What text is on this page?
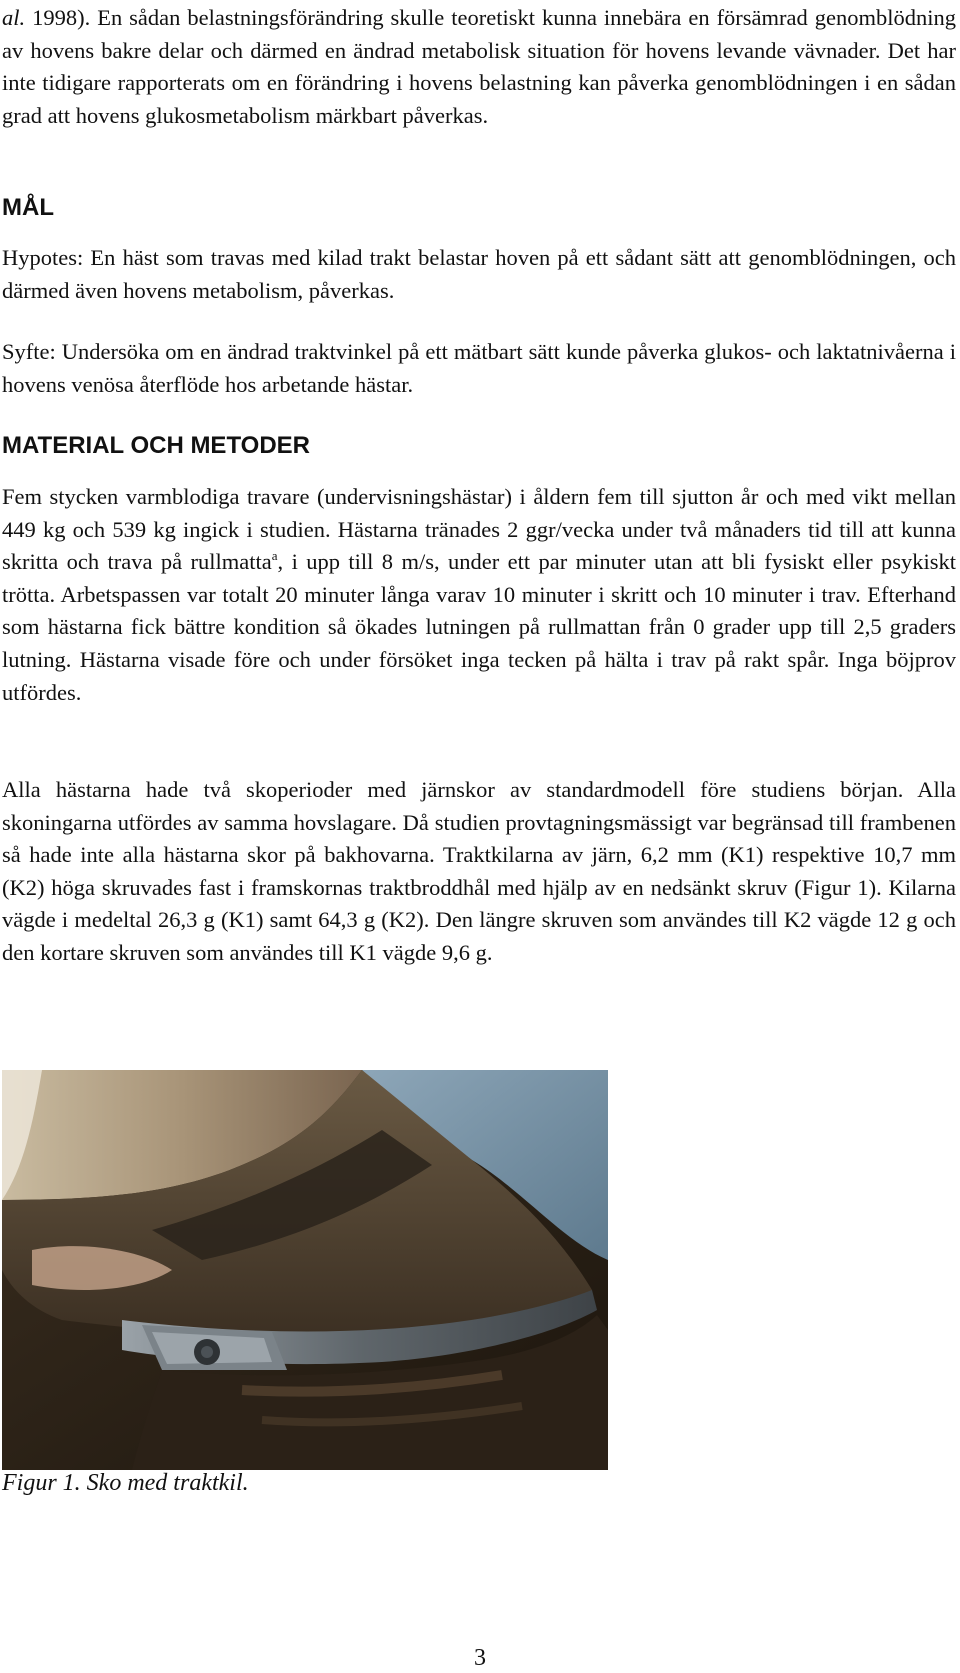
al. 1998). En sådan belastningsförändring skulle teoretiskt kunna innebära en försämrad genomblödning av hovens bakre delar och därmed en ändrad metabolisk situation för hovens levande vävnader. Det har inte tidigare rapporterats om en förändring i hovens belastning kan påverka genomblödningen i en sådan grad att hovens glukosmetabolism märkbart påverkas.

MÅL

Hypotes: En häst som travas med kilad trakt belastar hoven på ett sådant sätt att genomblödningen, och därmed även hovens metabolism, påverkas.

Syfte: Undersöka om en ändrad traktvinkel på ett mätbart sätt kunde påverka glukos- och laktatnivåerna i hovens venösa återflöde hos arbetande hästar.

MATERIAL OCH METODER

Fem stycken varmblodiga travare (undervisningshästar) i åldern fem till sjutton år och med vikt mellan 449 kg och 539 kg ingick i studien. Hästarna tränades 2 ggr/vecka under två månaders tid till att kunna skritta och trava på rullmatta$^a$, i upp till 8 m/s, under ett par minuter utan att bli fysiskt eller psykiskt trötta. Arbetspassen var totalt 20 minuter långa varav 10 minuter i skritt och 10 minuter i trav. Efterhand som hästarna fick bättre kondition så ökades lutningen på rullmattan från 0 grader upp till 2,5 graders lutning. Hästarna visade före och under försöket inga tecken på hälta i trav på rakt spår. Inga böjprov utfördes.

Alla hästarna hade två skoperioder med järnskor av standardmodell före studiens början. Alla skoningarna utfördes av samma hovslagare. Då studien provtagningsmässigt var begränsad till frambenen så hade inte alla hästarna skor på bakhovarna. Traktkilarna av järn, 6,2 mm (K1) respektive 10,7 mm (K2) höga skruvades fast i framskornas traktbroddhål med hjälp av en nedsänkt skruv (Figur 1). Kilarna vägde i medeltal 26,3 g (K1) samt 64,3 g (K2). Den längre skruven som användes till K2 vägde 12 g och den kortare skruven som användes till K1 vägde 9,6 g.

Figur 1. Sko med traktkil.

3
